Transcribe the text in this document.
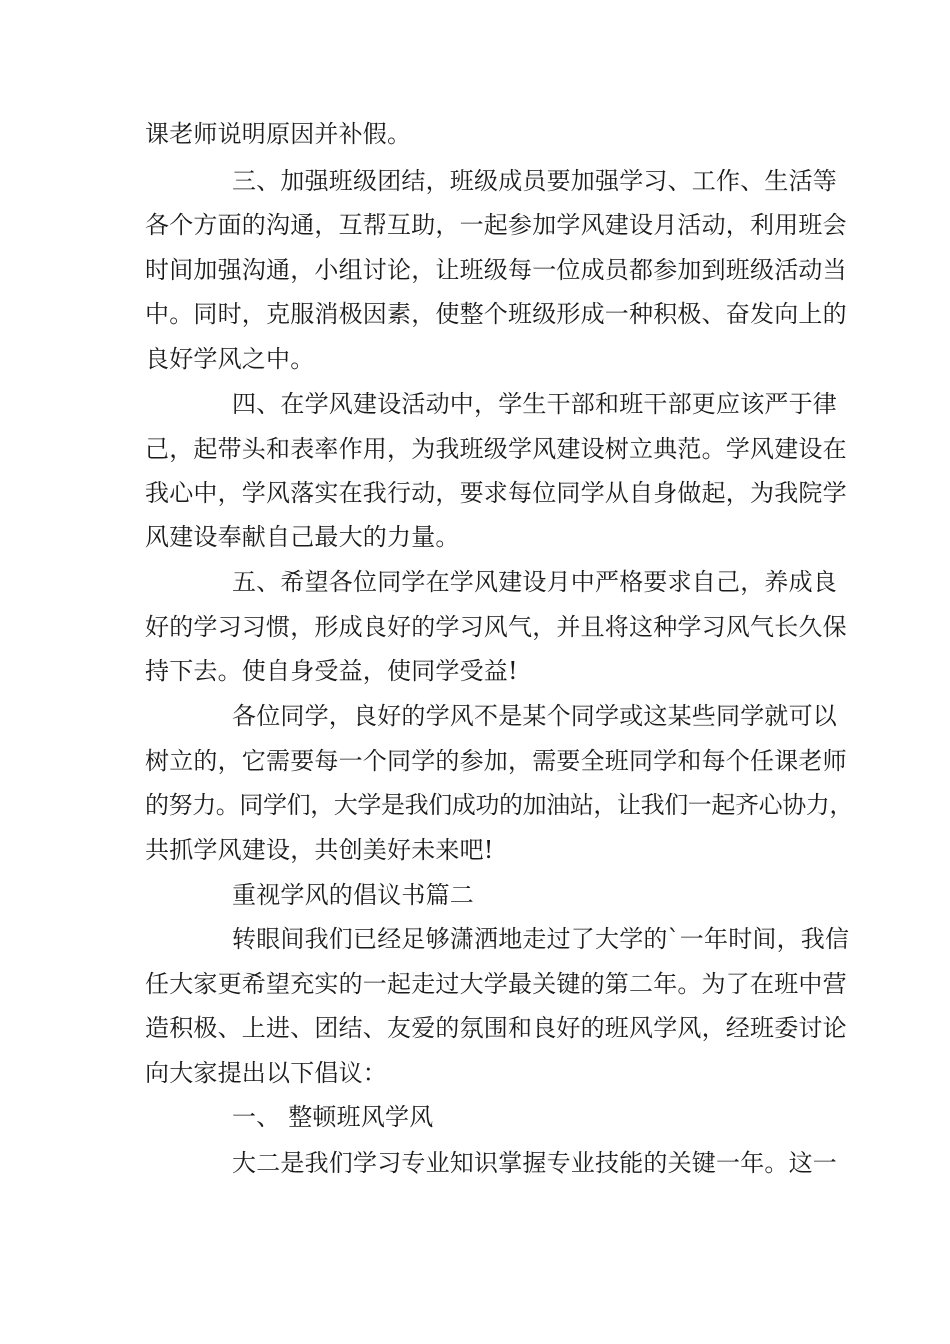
课老师说明原因并补假。
三、加强班级团结，班级成员要加强学习、工作、生活等
各个方面的沟通，互帮互助，一起参加学风建设月活动，利用班会
时间加强沟通，小组讨论，让班级每一位成员都参加到班级活动当
中。同时，克服消极因素，使整个班级形成一种积极、奋发向上的
良好学风之中。
四、在学风建设活动中，学生干部和班干部更应该严于律
己，起带头和表率作用，为我班级学风建设树立典范。学风建设在
我心中，学风落实在我行动，要求每位同学从自身做起，为我院学
风建设奉献自己最大的力量。
五、希望各位同学在学风建设月中严格要求自己，养成良
好的学习习惯，形成良好的学习风气，并且将这种学习风气长久保
持下去。使自身受益，使同学受益!
各位同学，良好的学风不是某个同学或这某些同学就可以
树立的，它需要每一个同学的参加，需要全班同学和每个任课老师
的努力。同学们，大学是我们成功的加油站，让我们一起齐心协力，
共抓学风建设，共创美好未来吧!
重视学风的倡议书篇二
转眼间我们已经足够潇洒地走过了大学的`一年时间，我信
任大家更希望充实的一起走过大学最关键的第二年。为了在班中营
造积极、上进、团结、友爱的氛围和良好的班风学风，经班委讨论
向大家提出以下倡议：
一、 整顿班风学风
大二是我们学习专业知识掌握专业技能的关键一年。这一
